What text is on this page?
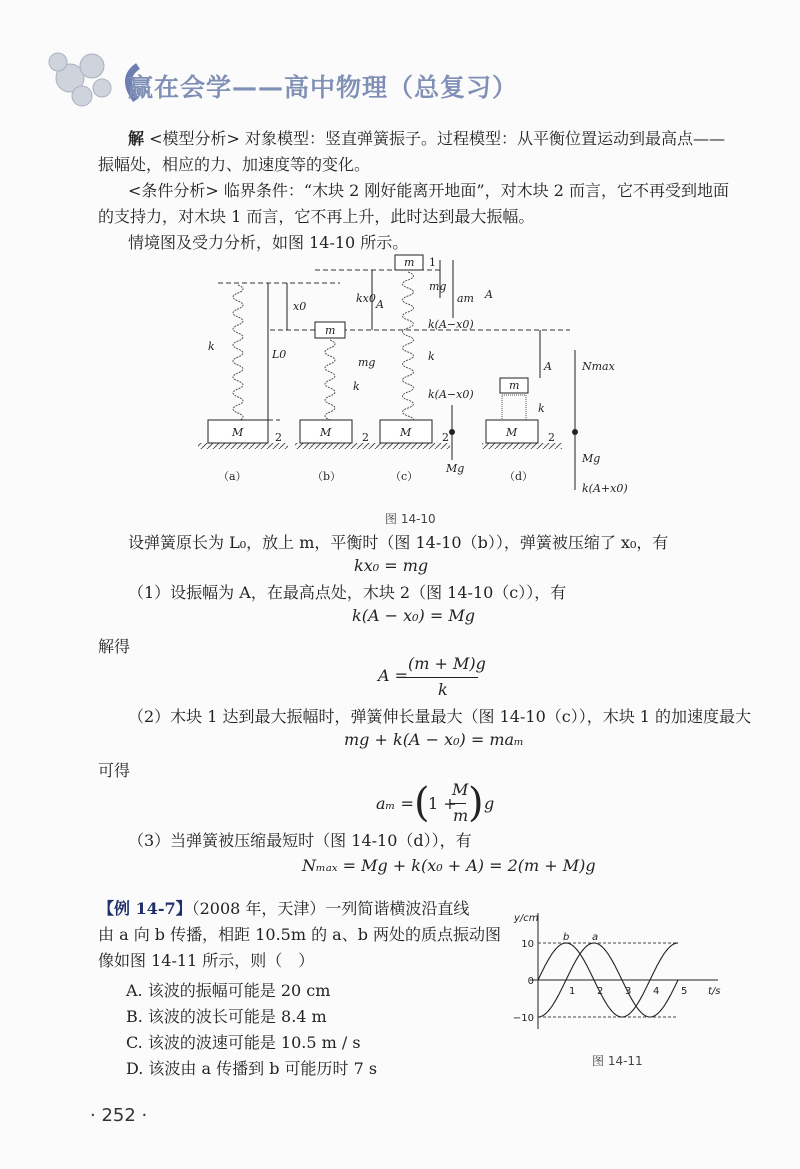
赢在会学——高中物理（总复习）
解 <模型分析> 对象模型：竖直弹簧振子。过程模型：从平衡位置运动到最高点——
振幅处，相应的力、加速度等的变化。
<条件分析> 临界条件：“木块 2 刚好能离开地面”，对木块 2 而言，它不再受到地面
的支持力，对木块 1 而言，它不再上升，此时达到最大振幅。
情境图及受力分析，如图 14-10 所示。
M	2
k
L0
x0
（a）
m
M	2
mg
k
（b）
m
M	2
1
kx0 A
mg
am A
k(A−x0)
k
k(A−x0)
Mg
（c）
m
M	2
k
A	Nmax
Mg
k(A+x0)
（d）
图 14-10
设弹簧原长为 L₀，放上 m，平衡时（图 14-10（b）），弹簧被压缩了 x₀，有
kx₀ = mg
（1）设振幅为 A，在最高点处，木块 2（图 14-10（c）），有
k(A − x₀) = Mg
解得
A =
(m + M)g
k
（2）木块 1 达到最大振幅时，弹簧伸长量最大（图 14-10（c）），木块 1 的加速度最大
mg + k(A − x₀) = maₘ
可得
aₘ = (
1 +
M
m ) g
（3）当弹簧被压缩最短时（图 14-10（d）），有
Nₘₐₓ = Mg + k(x₀ + A) = 2(m + M)g
【例 14-7】（2008 年，天津）一列简谐横波沿直线
由 a 向 b 传播，相距 10.5m 的 a、b 两处的质点振动图
像如图 14-11 所示，则（　）
A. 该波的振幅可能是 20 cm
B. 该波的波长可能是 8.4 m
C. 该波的波速可能是 10.5 m / s
D. 该波由 a 传播到 b 可能历时 7 s
10
0
−10
1 2 3 4 5
y/cm
t/s
b a
图 14-11
· 252 ·
